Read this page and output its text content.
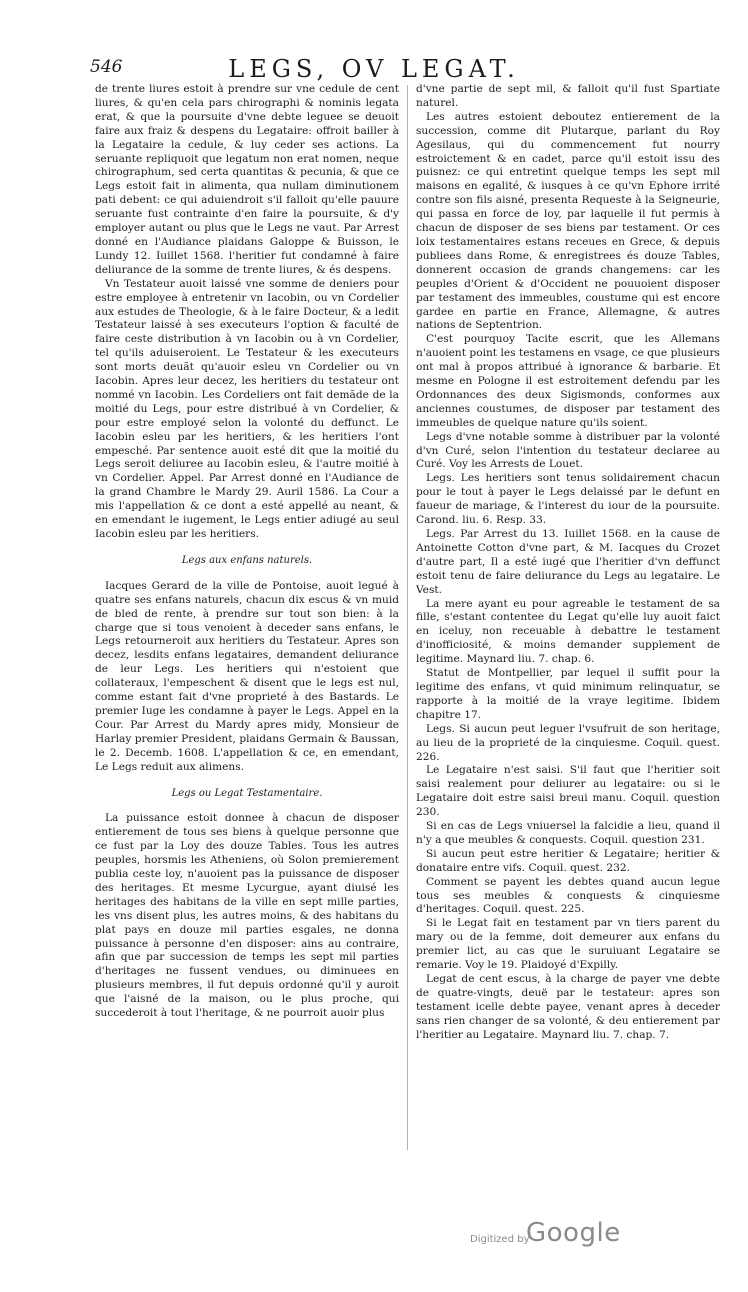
546	LEGS, OV LEGAT.

de trente liures estoit à prendre sur vne cedule de cent liures, & qu'en cela pars chirographi & nominis legata erat, & que la poursuite d'vne debte leguee se deuoit faire aux fraiz & despens du Legataire: offroit bailler à la Legataire la cedule, & luy ceder ses actions. La seruante repliquoit que legatum non erat nomen, neque chirographum, sed certa quantitas & pecunia, & que ce Legs estoit fait in alimenta, qua nullam diminutionem pati debent: ce qui aduiendroit s'il falloit qu'elle pauure seruante fust contrainte d'en faire la poursuite, & d'y employer autant ou plus que le Legs ne vaut. Par Arrest donné en l'Audiance plaidans Galoppe & Buisson, le Lundy 12. Iuillet 1568. l'heritier fut condamné à faire deliurance de la somme de trente liures, & és despens.

Vn Testateur auoit laissé vne somme de deniers pour estre employee à entretenir vn Iacobin, ou vn Cordelier aux estudes de Theologie, & à le faire Docteur, & a ledit Testateur laissé à ses executeurs l'option & faculté de faire ceste distribution à vn Iacobin ou à vn Cordelier, tel qu'ils aduiseroient. Le Testateur & les executeurs sont morts deuãt qu'auoir esleu vn Cordelier ou vn Iacobin. Apres leur decez, les heritiers du testateur ont nommé vn Iacobin. Les Cordeliers ont fait demãde de la moitié du Legs, pour estre distribué à vn Cordelier, & pour estre employé selon la volonté du deffunct. Le Iacobin esleu par les heritiers, & les heritiers l'ont empesché. Par sentence auoit esté dit que la moitié du Legs seroit deliuree au Iacobin esleu, & l'autre moitié à vn Cordelier. Appel. Par Arrest donné en l'Audiance de la grand Chambre le Mardy 29. Auril 1586. La Cour a mis l'appellation & ce dont a esté appellé au neant, & en emendant le iugement, le Legs entier adiugé au seul Iacobin esleu par les heritiers.

Legs aux enfans naturels.

Iacques Gerard de la ville de Pontoise, auoit legué à quatre ses enfans naturels, chacun dix escus & vn muid de bled de rente, à prendre sur tout son bien: à la charge que si tous venoient à deceder sans enfans, le Legs retourneroit aux heritiers du Testateur. Apres son decez, lesdits enfans legataires, demandent deliurance de leur Legs. Les heritiers qui n'estoient que collateraux, l'empeschent & disent que le legs est nul, comme estant fait d'vne proprieté à des Bastards. Le premier Iuge les condamne à payer le Legs. Appel en la Cour. Par Arrest du Mardy apres midy, Monsieur de Harlay premier President, plaidans Germain & Baussan, le 2. Decemb. 1608. L'appellation & ce, en emendant, Le Legs reduit aux alimens.

Legs ou Legat Testamentaire.

La puissance estoit donnee à chacun de disposer entierement de tous ses biens à quelque personne que ce fust par la Loy des douze Tables. Tous les autres peuples, horsmis les Atheniens, où Solon premierement publia ceste loy, n'auoient pas la puissance de disposer des heritages. Et mesme Lycurgue, ayant diuisé les heritages des habitans de la ville en sept mille parties, les vns disent plus, les autres moins, & des habitans du plat pays en douze mil parties esgales, ne donna puissance à personne d'en disposer: ains au contraire, afin que par succession de temps les sept mil parties d'heritages ne fussent vendues, ou diminuees en plusieurs membres, il fut depuis ordonné qu'il y auroit que l'aisné de la maison, ou le plus proche, qui succederoit à tout l'heritage, & ne pourroit auoir plus

d'vne partie de sept mil, & falloit qu'il fust Spartiate naturel.

Les autres estoient deboutez entierement de la succession, comme dit Plutarque, parlant du Roy Agesilaus, qui du commencement fut nourry estroictement & en cadet, parce qu'il estoit issu des puisnez: ce qui entretint quelque temps les sept mil maisons en egalité, & iusques à ce qu'vn Ephore irrité contre son fils aisné, presenta Requeste à la Seigneurie, qui passa en force de loy, par laquelle il fut permis à chacun de disposer de ses biens par testament. Or ces loix testamentaires estans receues en Grece, & depuis publiees dans Rome, & enregistrees és douze Tables, donnerent occasion de grands changemens: car les peuples d'Orient & d'Occident ne pouuoient disposer par testament des immeubles, coustume qui est encore gardee en partie en France, Allemagne, & autres nations de Septentrion.

C'est pourquoy Tacite escrit, que les Allemans n'auoient point les testamens en vsage, ce que plusieurs ont mal à propos attribué à ignorance & barbarie. Et mesme en Pologne il est estroitement defendu par les Ordonnances des deux Sigismonds, conformes aux anciennes coustumes, de disposer par testament des immeubles de quelque nature qu'ils soient.

Legs d'vne notable somme à distribuer par la volonté d'vn Curé, selon l'intention du testateur declaree au Curé. Voy les Arrests de Louet.

Legs. Les heritiers sont tenus solidairement chacun pour le tout à payer le Legs delaissé par le defunt en faueur de mariage, & l'interest du iour de la poursuite. Carond. liu. 6. Resp. 33.

Legs. Par Arrest du 13. Iuillet 1568. en la cause de Antoinette Cotton d'vne part, & M. Iacques du Crozet d'autre part, Il a esté iugé que l'heritier d'vn deffunct estoit tenu de faire deliurance du Legs au legataire. Le Vest.

La mere ayant eu pour agreable le testament de sa fille, s'estant contentee du Legat qu'elle luy auoit faict en iceluy, non receuable à debattre le testament d'inofficiosité, & moins demander supplement de legitime. Maynard liu. 7. chap. 6.

Statut de Montpellier, par lequel il suffit pour la legitime des enfans, vt quid minimum relinquatur, se rapporte à la moitié de la vraye legitime. Ibidem chapitre 17.

Legs. Si aucun peut leguer l'vsufruit de son heritage, au lieu de la proprieté de la cinquiesme. Coquil. quest. 226.

Le Legataire n'est saisi. S'il faut que l'heritier soit saisi realement pour deliurer au legataire: ou si le Legataire doit estre saisi breui manu. Coquil. question 230.

Si en cas de Legs vniuersel la falcidie a lieu, quand il n'y a que meubles & conquests. Coquil. question 231.

Si aucun peut estre heritier & Legataire; heritier & donataire entre vifs. Coquil. quest. 232.

Comment se payent les debtes quand aucun legue tous ses meubles & conquests & cinquiesme d'heritages. Coquil. quest. 225.

Si le Legat fait en testament par vn tiers parent du mary ou de la femme, doit demeurer aux enfans du premier lict, au cas que le suruiuant Legataire se remarie. Voy le 19. Plaidoyé d'Expilly.

Legat de cent escus, à la charge de payer vne debte de quatre-vingts, deuë par le testateur: apres son testament icelle debte payee, venant apres à deceder sans rien changer de sa volonté, & deu entierement par l'heritier au Legataire. Maynard liu. 7. chap. 7.

Digitized by
Google
